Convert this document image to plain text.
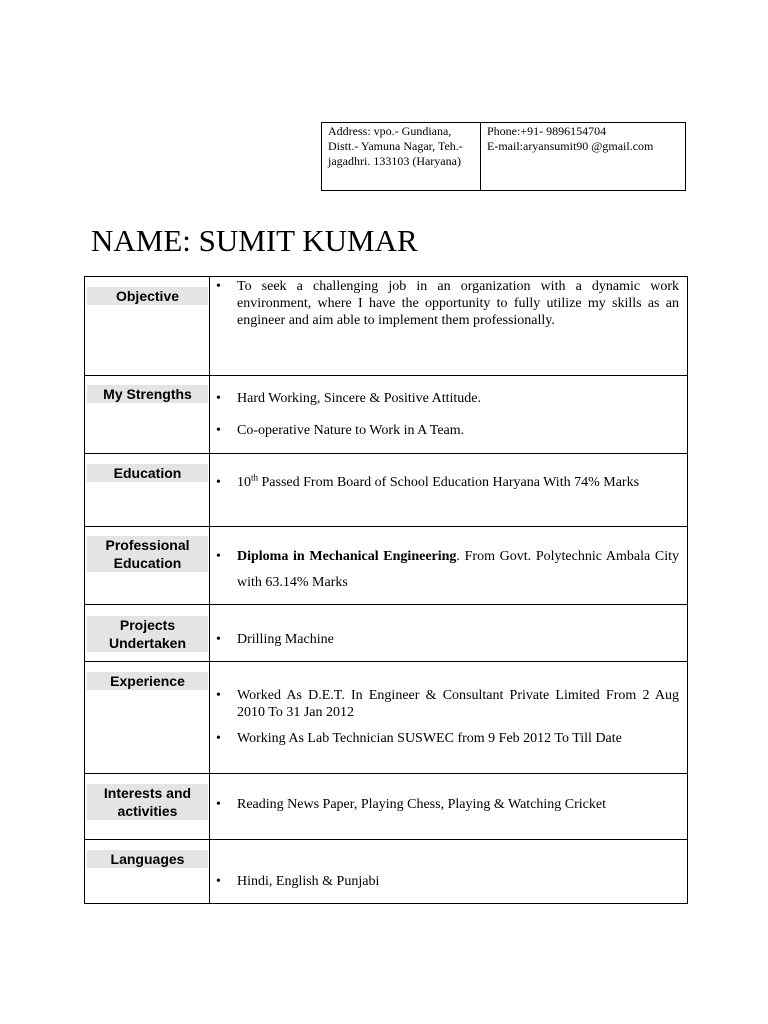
Address: vpo.- Gundiana,
Distt.- Yamuna Nagar, Teh.-
jagadhri. 133103 (Haryana)
Phone:+91- 9896154704
E-mail:aryansumit90 @gmail.com
NAME: SUMIT KUMAR
Objective
• To seek a challenging job in an organization with a dynamic work environment, where I have the opportunity to fully utilize my skills as an engineer and aim able to implement them professionally.
My Strengths	• Hard Working, Sincere & Positive Attitude.
• Co-operative Nature to Work in A Team.
Education
• 10th Passed From Board of School Education Haryana With 74% Marks
Professional
Education	• Diploma in Mechanical Engineering. From Govt. Polytechnic Ambala City with 63.14% Marks
Projects
Undertaken	• Drilling Machine
Experience
• Worked As D.E.T. In Engineer & Consultant Private Limited From 2 Aug 2010 To 31 Jan 2012
• Working As Lab Technician SUSWEC from 9 Feb 2012 To Till Date
Interests and
activities	• Reading News Paper, Playing Chess, Playing & Watching Cricket
Languages
• Hindi, English & Punjabi
